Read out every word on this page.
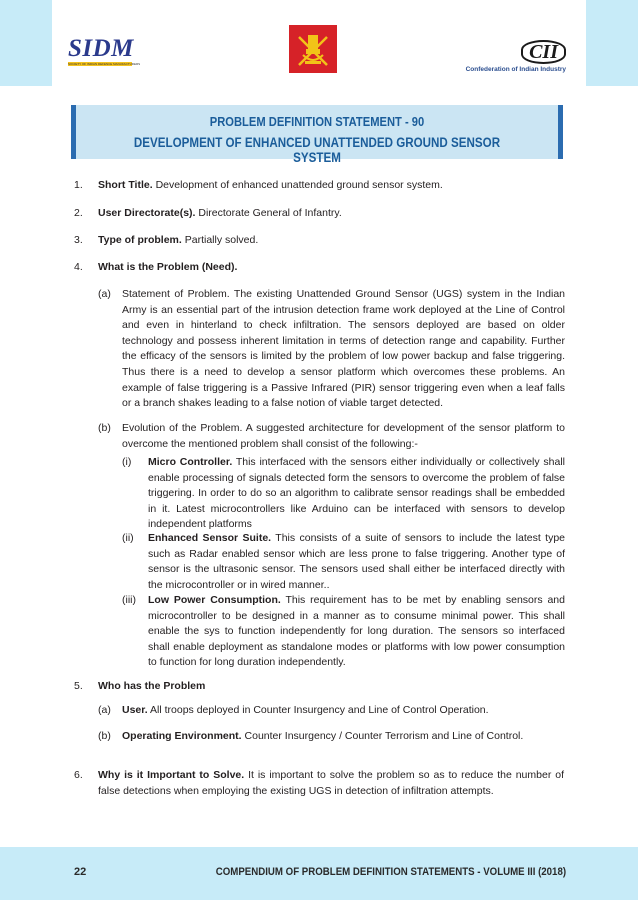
SIDM
SOCIETY OF INDIAN DEFENCE MANUFACTURERS
CII
Confederation of Indian Industry
PROBLEM DEFINITION STATEMENT - 90
DEVELOPMENT OF ENHANCED UNATTENDED GROUND SENSOR SYSTEM
1. Short Title. Development of enhanced unattended ground sensor system.
2. User Directorate(s). Directorate General of Infantry.
3. Type of problem. Partially solved.
4. What is the Problem (Need).
(a) Statement of Problem. The existing Unattended Ground Sensor (UGS) system in the Indian Army is an essential part of the intrusion detection frame work deployed at the Line of Control and even in hinterland to check infiltration. The sensors deployed are based on older technology and possess inherent limitation in terms of detection range and capability. Further the efficacy of the sensors is limited by the problem of low power backup and false triggering. Thus there is a need to develop a sensor platform which overcomes these problems. An example of false triggering is a Passive Infrared (PIR) sensor triggering even when a leaf falls or a branch shakes leading to a false notion of viable target detected.
(b) Evolution of the Problem. A suggested architecture for development of the sensor platform to overcome the mentioned problem shall consist of the following:-
(i) Micro Controller. This interfaced with the sensors either individually or collectively shall enable processing of signals detected form the sensors to overcome the problem of false triggering. In order to do so an algorithm to calibrate sensor readings shall be embedded in it. Latest microcontrollers like Arduino can be interfaced with sensors to develop independent platforms
(ii) Enhanced Sensor Suite. This consists of a suite of sensors to include the latest type such as Radar enabled sensor which are less prone to false triggering. Another type of sensor is the ultrasonic sensor. The sensors used shall either be interfaced directly with the microcontroller or in wired manner..
(iii) Low Power Consumption. This requirement has to be met by enabling sensors and microcontroller to be designed in a manner as to consume minimal power. This shall enable the sys to function independently for long duration. The sensors so interfaced shall enable deployment as standalone modes or platforms with low power consumption to function for long duration independently.
5. Who has the Problem
(a) User. All troops deployed in Counter Insurgency and Line of Control Operation.
(b) Operating Environment. Counter Insurgency / Counter Terrorism and Line of Control.
6. Why is it Important to Solve. It is important to solve the problem so as to reduce the number of false detections when employing the existing UGS in detection of infiltration attempts.
22	COMPENDIUM OF PROBLEM DEFINITION STATEMENTS - VOLUME III (2018)
